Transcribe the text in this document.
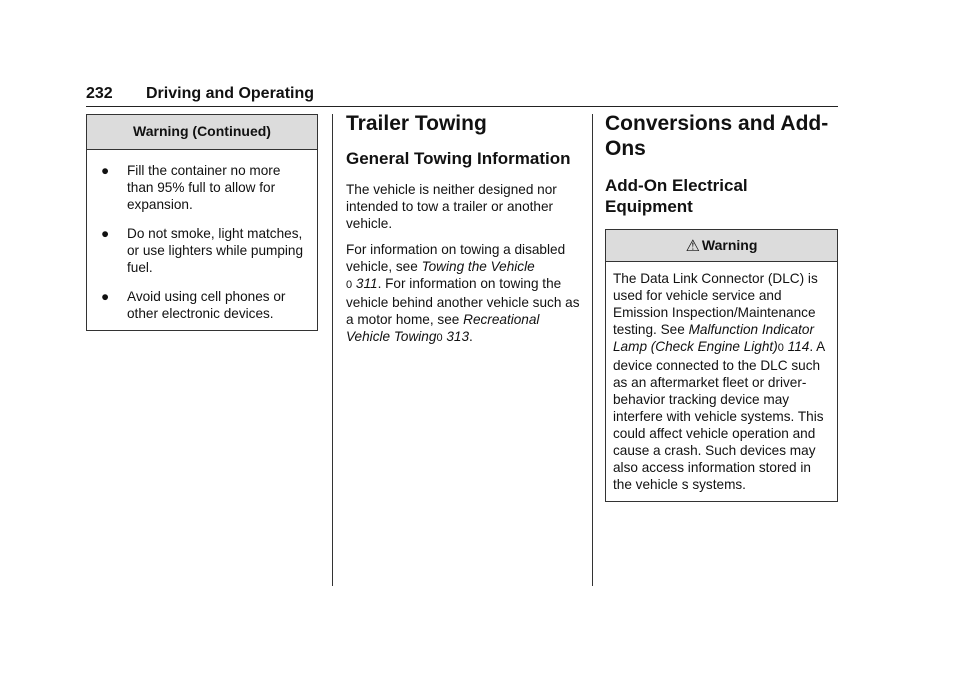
232 Driving and Operating
Warning (Continued)
●	Fill the container no more than 95% full to allow for expansion.
●	Do not smoke, light matches, or use lighters while pumping fuel.
●	Avoid using cell phones or other electronic devices.
Trailer Towing
General Towing Information

The vehicle is neither designed nor intended to tow a trailer or another vehicle.

For information on towing a disabled vehicle, see Towing the Vehicle
0 311. For information on towing the vehicle behind another vehicle such as a motor home, see Recreational Vehicle Towing0 313.

Conversions and Add-Ons
Add-On Electrical Equipment
⚠ Warning

The Data Link Connector (DLC) is used for vehicle service and Emission Inspection/Maintenance testing. See Malfunction Indicator Lamp (Check Engine Light)0 114. A device connected to the DLC such as an aftermarket fleet or driver-behavior tracking device may interfere with vehicle systems. This could affect vehicle operation and cause a crash. Such devices may also access information stored in the vehicle s systems.
